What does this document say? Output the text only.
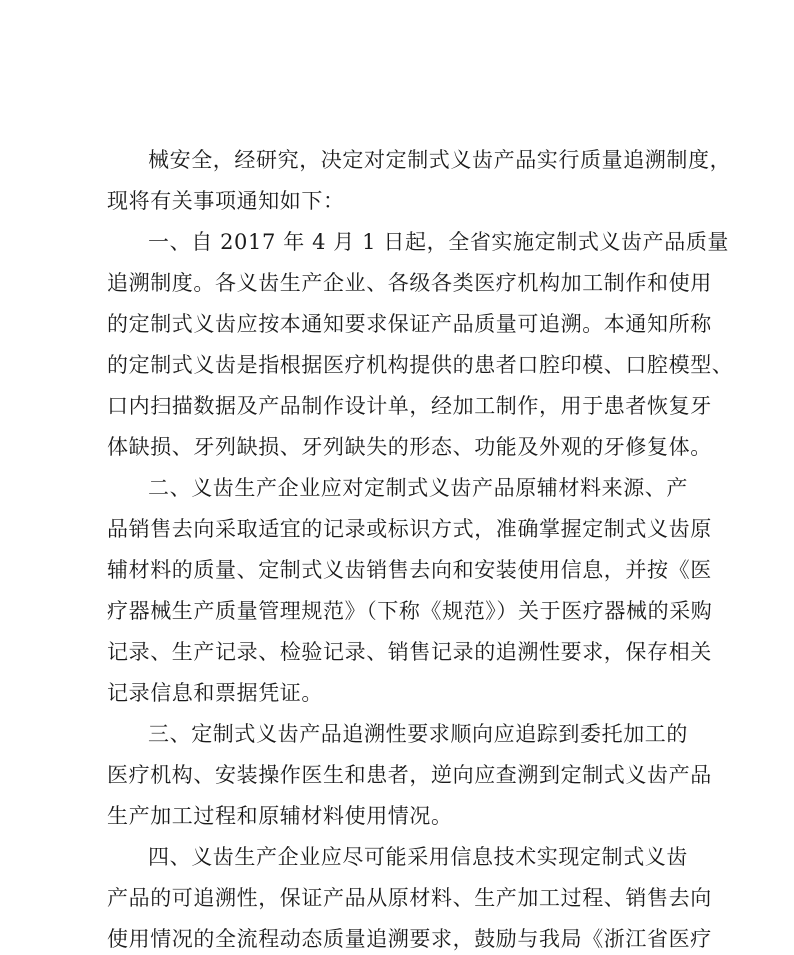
械安全，经研究，决定对定制式义齿产品实行质量追溯制度，
现将有关事项通知如下：
一、自 2017 年 4 月 1 日起，全省实施定制式义齿产品质量
追溯制度。各义齿生产企业、各级各类医疗机构加工制作和使用
的定制式义齿应按本通知要求保证产品质量可追溯。本通知所称
的定制式义齿是指根据医疗机构提供的患者口腔印模、口腔模型、
口内扫描数据及产品制作设计单，经加工制作，用于患者恢复牙
体缺损、牙列缺损、牙列缺失的形态、功能及外观的牙修复体。
二、义齿生产企业应对定制式义齿产品原辅材料来源、产
品销售去向采取适宜的记录或标识方式，准确掌握定制式义齿原
辅材料的质量、定制式义齿销售去向和安装使用信息，并按《医
疗器械生产质量管理规范》（下称《规范》）关于医疗器械的采购
记录、生产记录、检验记录、销售记录的追溯性要求，保存相关
记录信息和票据凭证。
三、定制式义齿产品追溯性要求顺向应追踪到委托加工的
医疗机构、安装操作医生和患者，逆向应查溯到定制式义齿产品
生产加工过程和原辅材料使用情况。
四、义齿生产企业应尽可能采用信息技术实现定制式义齿
产品的可追溯性，保证产品从原材料、生产加工过程、销售去向
使用情况的全流程动态质量追溯要求，鼓励与我局《浙江省医疗
